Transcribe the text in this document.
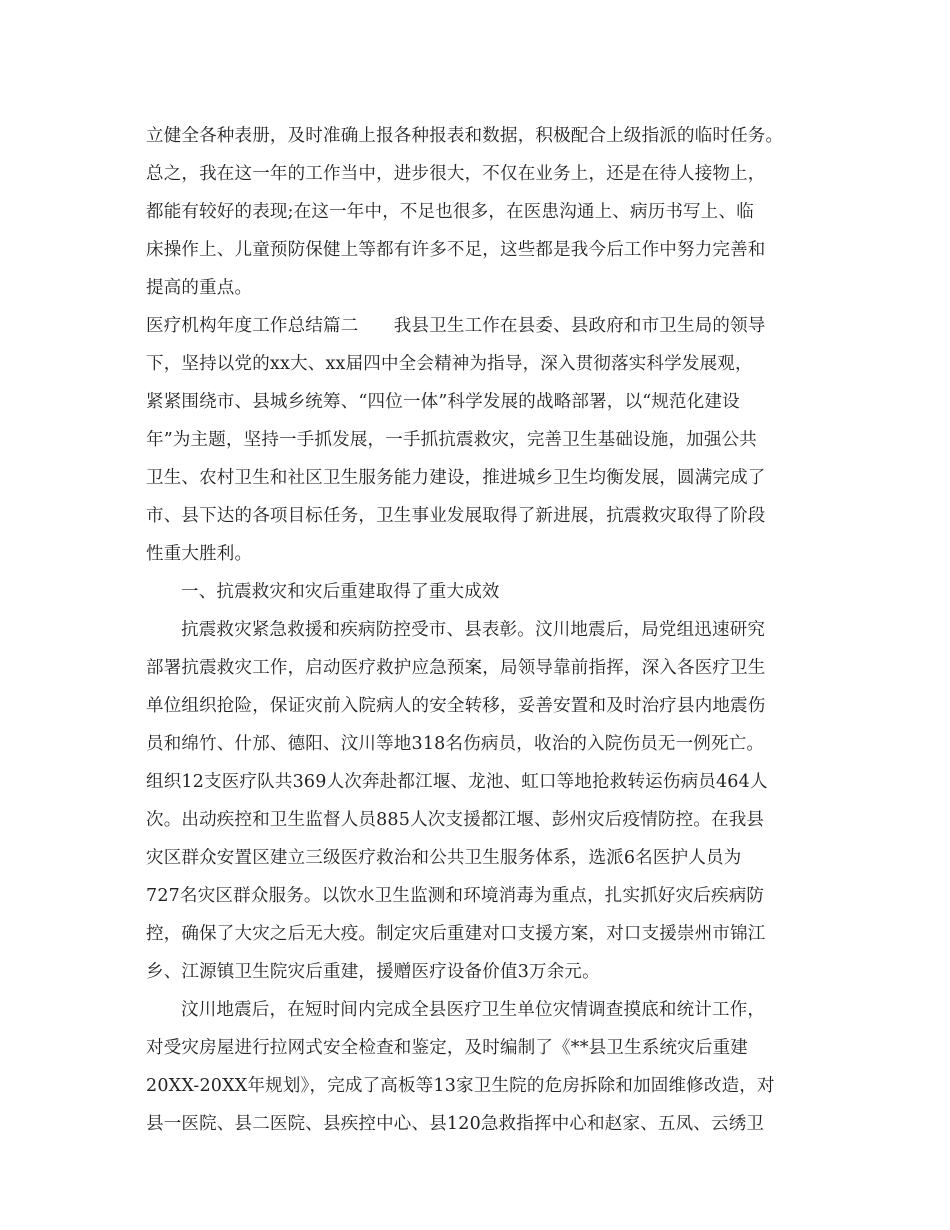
立健全各种表册，及时准确上报各种报表和数据，积极配合上级指派的临时任务。

总之，我在这一年的工作当中，进步很大，不仅在业务上，还是在待人接物上，

都能有较好的表现;在这一年中，不足也很多，在医患沟通上、病历书写上、临

床操作上、儿童预防保健上等都有许多不足，这些都是我今后工作中努力完善和

提高的重点。

医疗机构年度工作总结篇二　　我县卫生工作在县委、县政府和市卫生局的领导

下，坚持以党的xx大、xx届四中全会精神为指导，深入贯彻落实科学发展观，

紧紧围绕市、县城乡统筹、“四位一体”科学发展的战略部署，以“规范化建设

年”为主题，坚持一手抓发展，一手抓抗震救灾，完善卫生基础设施，加强公共

卫生、农村卫生和社区卫生服务能力建设，推进城乡卫生均衡发展，圆满完成了

市、县下达的各项目标任务，卫生事业发展取得了新进展，抗震救灾取得了阶段

性重大胜利。

一、抗震救灾和灾后重建取得了重大成效

抗震救灾紧急救援和疾病防控受市、县表彰。汶川地震后，局党组迅速研究

部署抗震救灾工作，启动医疗救护应急预案，局领导靠前指挥，深入各医疗卫生

单位组织抢险，保证灾前入院病人的安全转移，妥善安置和及时治疗县内地震伤

员和绵竹、什邡、德阳、汶川等地318名伤病员，收治的入院伤员无一例死亡。

组织12支医疗队共369人次奔赴都江堰、龙池、虹口等地抢救转运伤病员464人

次。出动疾控和卫生监督人员885人次支援都江堰、彭州灾后疫情防控。在我县

灾区群众安置区建立三级医疗救治和公共卫生服务体系，选派6名医护人员为

727名灾区群众服务。以饮水卫生监测和环境消毒为重点，扎实抓好灾后疾病防

控，确保了大灾之后无大疫。制定灾后重建对口支援方案，对口支援崇州市锦江

乡、江源镇卫生院灾后重建，援赠医疗设备价值3万余元。

汶川地震后，在短时间内完成全县医疗卫生单位灾情调查摸底和统计工作，

对受灾房屋进行拉网式安全检查和鉴定，及时编制了《**县卫生系统灾后重建

20XX-20XX年规划》，完成了高板等13家卫生院的危房拆除和加固维修改造，对

县一医院、县二医院、县疾控中心、县120急救指挥中心和赵家、五凤、云绣卫
